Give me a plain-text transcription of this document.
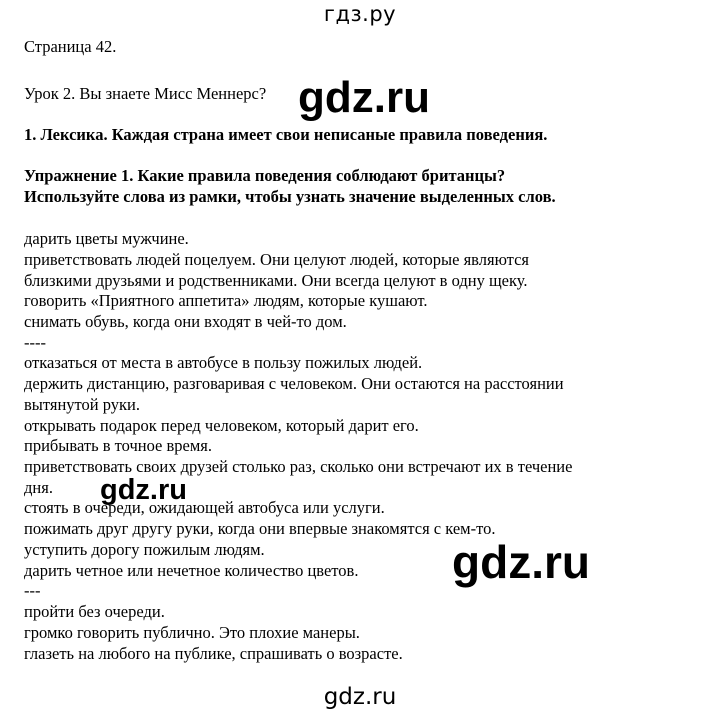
гдз.ру
Страница 42.
Урок 2. Вы знаете Мисс Меннерс?
1. Лексика. Каждая страна имеет свои неписаные правила поведения.
Упражнение 1. Какие правила поведения соблюдают британцы?
Используйте слова из рамки, чтобы узнать значение выделенных слов.
дарить цветы мужчине.
приветствовать людей поцелуем. Они целуют людей, которые являются
близкими друзьями и родственниками. Они всегда целуют в одну щеку.
говорить «Приятного аппетита» людям, которые кушают.
снимать обувь, когда они входят в чей-то дом.
----
отказаться от места в автобусе в пользу пожилых людей.
держить дистанцию, разговаривая с человеком. Они остаются на расстоянии
вытянутой руки.
открывать подарок перед человеком, который дарит его.
прибывать в точное время.
приветствовать своих друзей столько раз, сколько они встречают их в течение
дня.
стоять в очереди, ожидающей автобуса или услуги.
пожимать друг другу руки, когда они впервые знакомятся с кем-то.
уступить дорогу пожилым людям.
дарить четное или нечетное количество цветов.
---
пройти без очереди.
громко говорить публично. Это плохие манеры.
глазеть на любого на публике, спрашивать о возрасте.
gdz.ru
gdz.ru
gdz.ru
gdz.ru
